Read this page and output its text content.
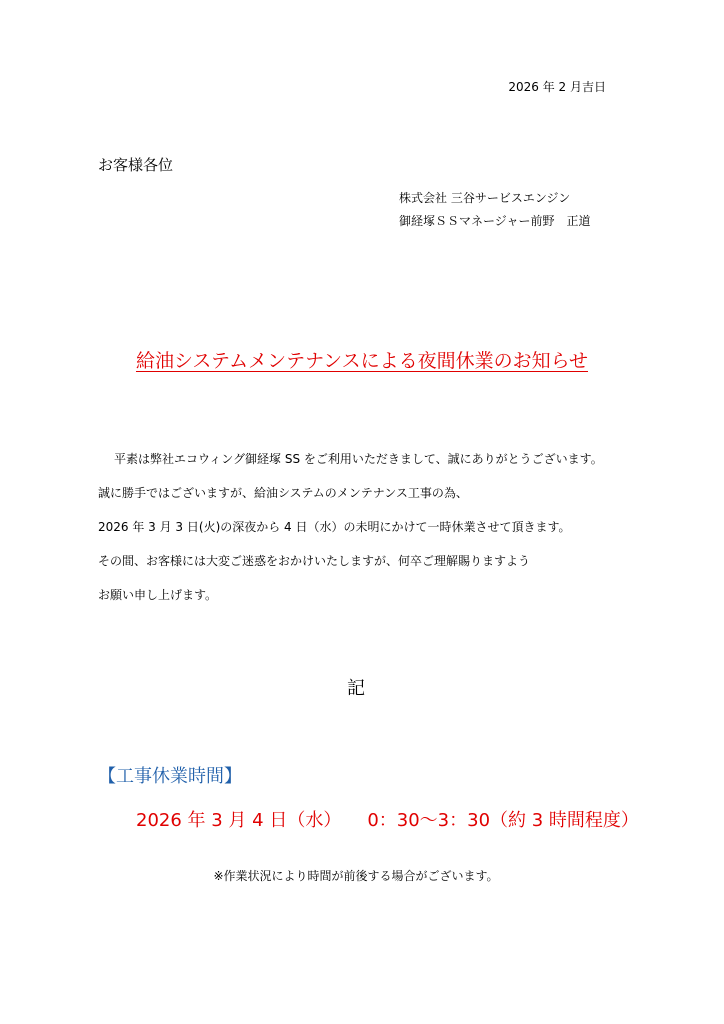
2026 年 2 月吉日
お客様各位
株式会社 三谷サービスエンジン
御経塚ＳＳマネージャー前野　正道
給油システムメンテナンスによる夜間休業のお知らせ
平素は弊社エコウィング御経塚 SS をご利用いただきまして、誠にありがとうございます。
誠に勝手ではございますが、給油システムのメンテナンス工事の為、
2026 年 3 月 3 日(火)の深夜から 4 日（水）の未明にかけて一時休業させて頂きます。
その間、お客様には大変ご迷惑をおかけいたしますが、何卒ご理解賜りますよう
お願い申し上げます。
記
【工事休業時間】
2026 年 3 月 4 日（水） 0：30～3：30（約 3 時間程度）
※作業状況により時間が前後する場合がございます。
